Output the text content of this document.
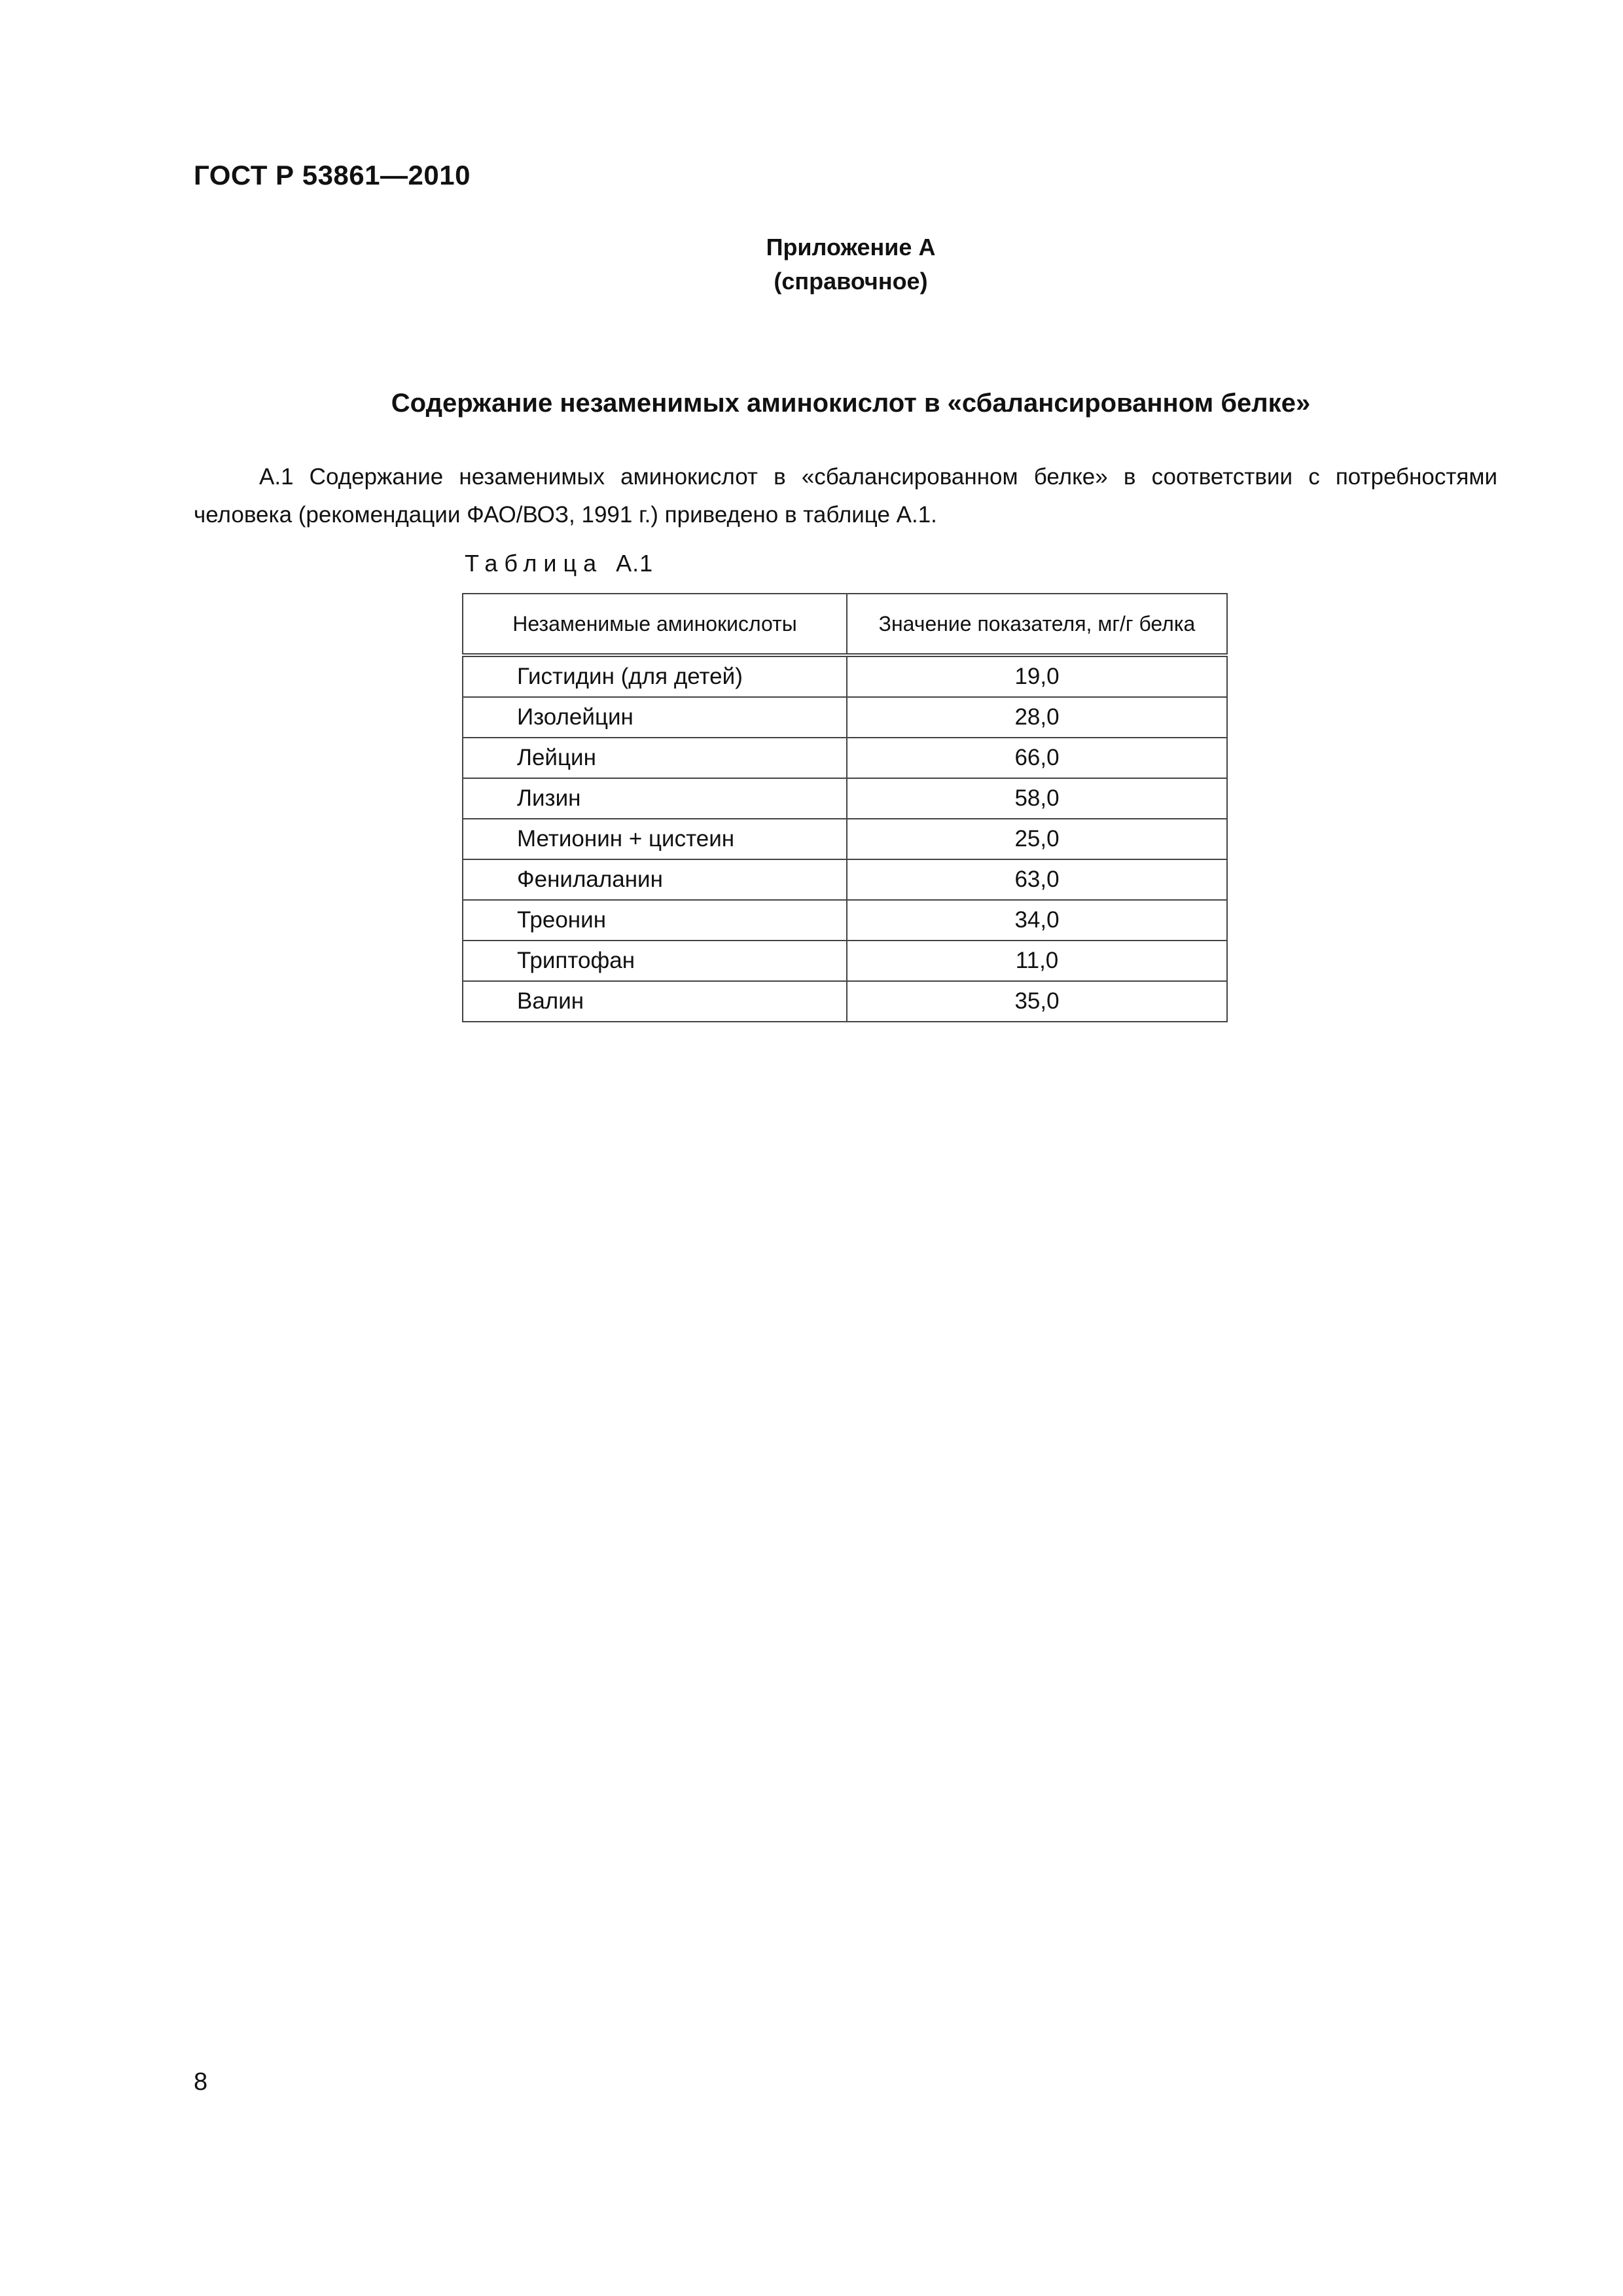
ГОСТ Р 53861—2010
Приложение А
(справочное)
Содержание незаменимых аминокислот в «сбалансированном белке»
А.1 Содержание незаменимых аминокислот в «сбалансированном белке» в соответствии с потребностями человека (рекомендации ФАО/ВОЗ, 1991 г.) приведено в таблице А.1.
Таблица А.1
Незаменимые аминокислоты	Значение показателя, мг/г белка
Гистидин (для детей)	19,0
Изолейцин	28,0
Лейцин	66,0
Лизин	58,0
Метионин + цистеин	25,0
Фенилаланин	63,0
Треонин	34,0
Триптофан	11,0
Валин	35,0
8
